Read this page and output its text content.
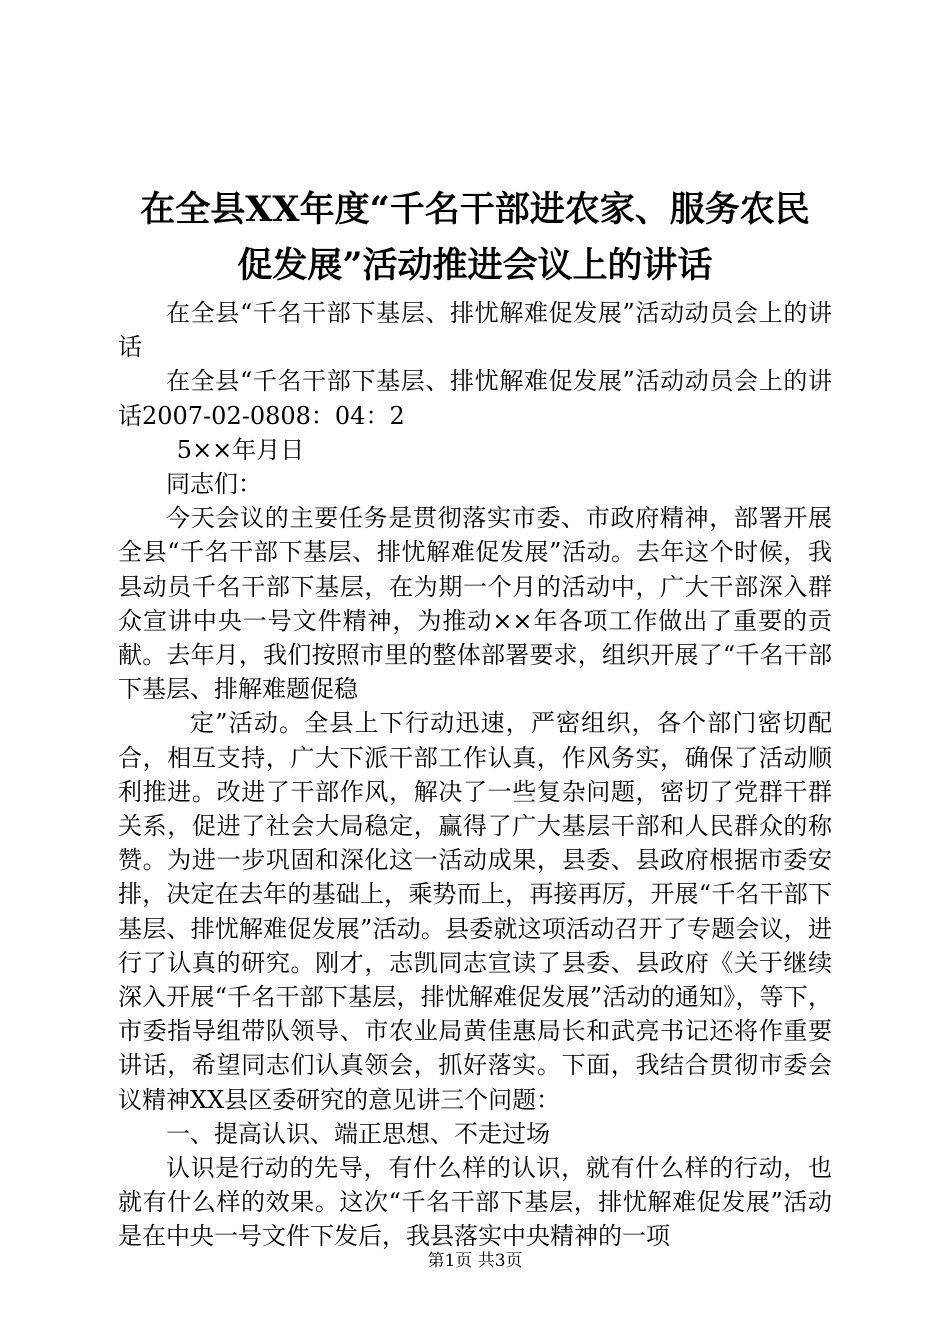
在全县XX年度“千名干部进农家、服务农民
促发展”活动推进会议上的讲话

在全县“千名干部下基层、排忧解难促发展”活动动员会上的讲话

在全县“千名干部下基层、排忧解难促发展”活动动员会上的讲话2007-02-0808：04：2

5××年月日

同志们：

今天会议的主要任务是贯彻落实市委、市政府精神，部署开展全县“千名干部下基层、排忧解难促发展”活动。去年这个时候，我县动员千名干部下基层，在为期一个月的活动中，广大干部深入群众宣讲中央一号文件精神，为推动××年各项工作做出了重要的贡献。去年月，我们按照市里的整体部署要求，组织开展了“千名干部下基层、排解难题促稳

定”活动。全县上下行动迅速，严密组织，各个部门密切配合，相互支持，广大下派干部工作认真，作风务实，确保了活动顺利推进。改进了干部作风，解决了一些复杂问题，密切了党群干群关系，促进了社会大局稳定，赢得了广大基层干部和人民群众的称赞。为进一步巩固和深化这一活动成果，县委、县政府根据市委安排，决定在去年的基础上，乘势而上，再接再厉，开展“千名干部下基层、排忧解难促发展”活动。县委就这项活动召开了专题会议，进行了认真的研究。刚才，志凯同志宣读了县委、县政府《关于继续深入开展“千名干部下基层，排忧解难促发展”活动的通知》，等下，市委指导组带队领导、市农业局黄佳惠局长和武亮书记还将作重要讲话，希望同志们认真领会，抓好落实。下面，我结合贯彻市委会议精神XX县区委研究的意见讲三个问题：

一、提高认识、端正思想、不走过场

认识是行动的先导，有什么样的认识，就有什么样的行动，也就有什么样的效果。这次“千名干部下基层，排忧解难促发展”活动是在中央一号文件下发后，我县落实中央精神的一项

第1页 共3页
